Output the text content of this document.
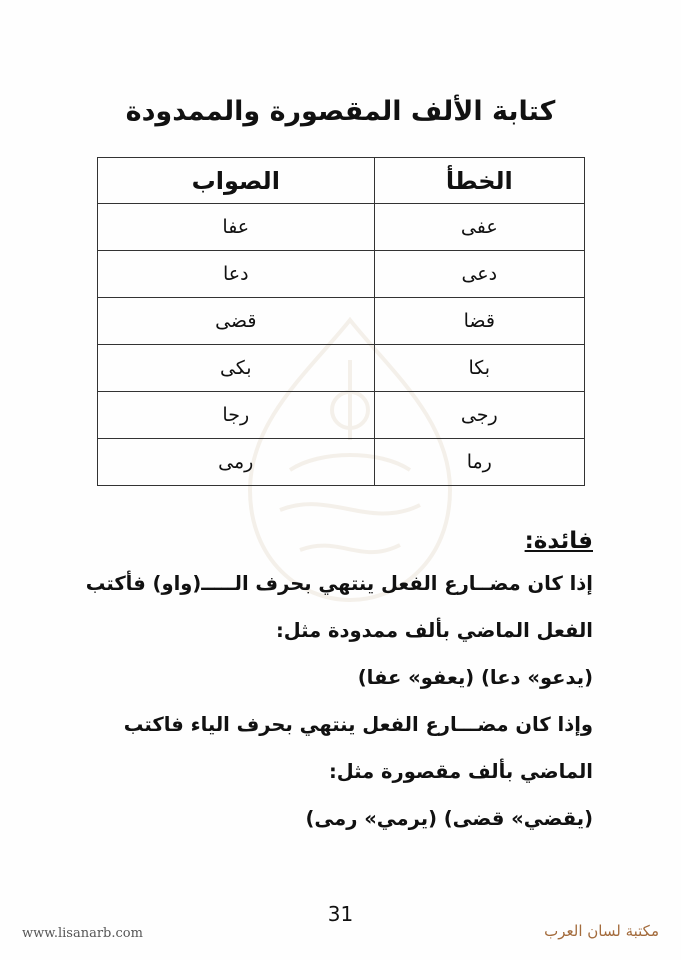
كتابة الألف المقصورة والممدودة
الخطأ	الصواب
عفى	عفا
دعى	دعا
قضا	قضى
بكا	بكى
رجى	رجا
رما	رمى
فائدة:
إذا كان مضــارع الفعل ينتهي بحرف الـــــ(واو) فأكتب
الفعل الماضي بألف ممدودة مثل:
(يدعو» دعا) (يعفو» عفا)
وإذا كان مضـــارع الفعل ينتهي بحرف الياء فاكتب
الماضي بألف مقصورة مثل:
(يقضي» قضى) (يرمي» رمى)
31
www.lisanarb.com	مكتبة لسان العرب
